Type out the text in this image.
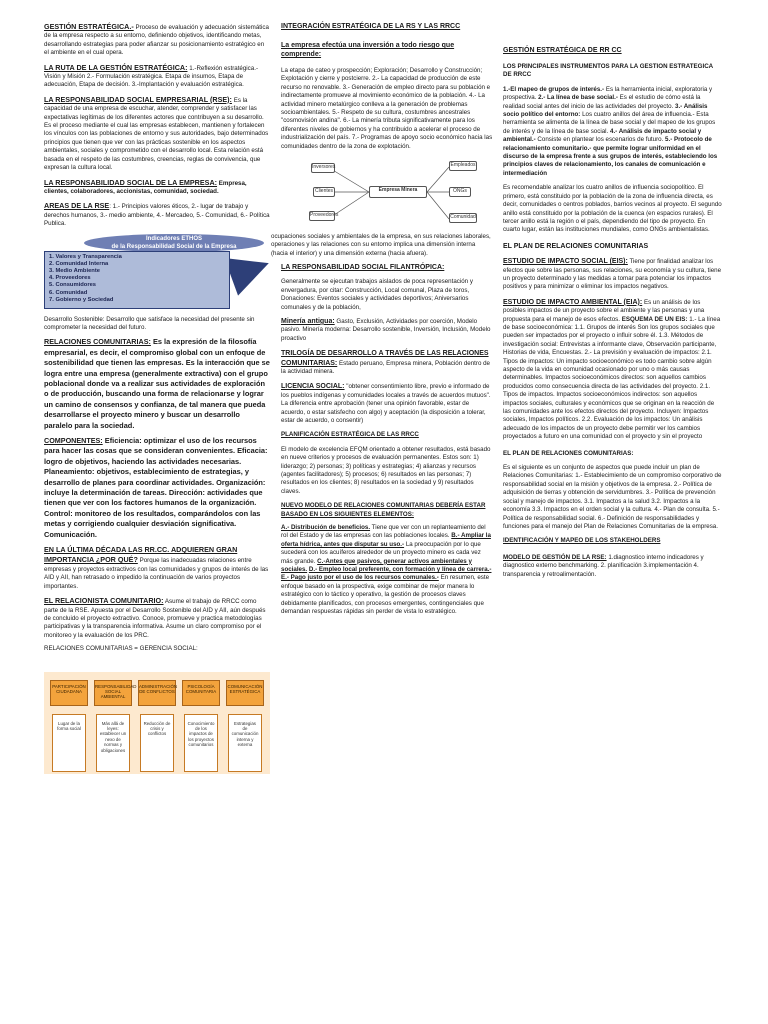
GESTIÓN ESTRATÉGICA.- Proceso de evaluación y adecuación sistemática de la empresa respecto a su entorno, definiendo objetivos, identificando metas, desarrollando estrategias para poder afianzar su posicionamiento estratégico en el ambiente en el cual opera.

LA RUTA DE LA GESTIÓN ESTRATÉGICA: 1.-Reflexión estratégica.- Visión y Misión 2.- Formulación estratégica. Etapa de insumos, Etapa de adecuación, Etapa de decisión. 3.-Implantación y evaluación estratégica.

LA RESPONSABILIDAD SOCIAL EMPRESARIAL (RSE): Es la capacidad de una empresa de escuchar, atender, comprender y satisfacer las expectativas legítimas de los diferentes actores que contribuyen a su desarrollo. Es el proceso mediante el cual las empresas establecen, mantienen y fortalecen los vínculos con las poblaciones de entorno y sus autoridades, bajo determinados principios que tienen que ver con las prácticas sostenible en los aspectos ambientales, sociales y comprometido con el desarrollo local. Esta relación está basada en el respeto de las costumbres, creencias, reglas de convivencia, que expresan la cultura local.

LA RESPONSABILIDAD SOCIAL DE LA EMPRESA: Empresa, clientes, colaboradores, accionistas, comunidad, sociedad.

AREAS DE LA RSE: 1.- Principios valores éticos, 2.- lugar de trabajo y derechos humanos, 3.- medio ambiente, 4.- Mercadeo, 5.- Comunidad, 6.- Política Publica.

Indicadores ETHOS
de la Responsabilidad Social de la Empresa
1. Valores y Transparencia
2. Comunidad Interna
3. Medio Ambiente
4. Proveedores
5. Consumidores
6. Comunidad
7. Gobierno y Sociedad

Desarrollo Sostenible: Desarrollo que satisface la necesidad del presente sin comprometer la necesidad del futuro.

RELACIONES COMUNITARIAS: Es la expresión de la filosofía empresarial, es decir, el compromiso global con un enfoque de sostenibilidad que tienen las empresas. Es la interacción que se logra entre una empresa (generalmente extractiva) con el grupo poblacional donde va a realizar sus actividades de exploración o de producción, buscando una forma de relacionarse y lograr un camino de consensos y confianza, de tal manera que pueda desarrollarse el proyecto minero y buscar un desarrollo paralelo para la sociedad.

COMPONENTES: Eficiencia: optimizar el uso de los recursos para hacer las cosas que se consideran convenientes. Eficacia: logro de objetivos, haciendo las actividades necesarias. Planeamiento: objetivos, establecimiento de estrategias, y desarrollo de planes para coordinar actividades. Organización: incluye la determinación de tareas. Dirección: actividades que tienen que ver con los factores humanos de la organización. Control: monitoreo de los resultados, comparándolos con las metas y corrigiendo cualquier desviación significativa. Comunicación.

EN LA ÚLTIMA DÉCADA LAS RR.CC. ADQUIEREN GRAN IMPORTANCIA ¿POR QUÉ? Porque las inadecuadas relaciones entre empresas y proyectos extractivos con las comunidades y grupos de interés de las AID y AII, han retrasado o impedido la continuación de varios proyectos importantes.

EL RELACIONISTA COMUNITARIO: Asume el trabajo de RRCC como parte de la RSE. Apuesta por el Desarrollo Sostenible del AID y AII, aún después de concluido el proyecto extractivo. Conoce, promueve y practica metodologías participativas y la transparencia informativa. Asume un claro compromiso por el monitoreo y la evaluación de los PRC.

RELACIONES COMUNITARIAS = GERENCIA SOCIAL:

PARTICIPACIÓN CIUDADANA
RESPONSABILIDAD SOCIAL AMBIENTAL
ADMINISTRACIÓN DE CONFLICTOS
PSICOLOGÍA COMUNITARIA
COMUNICACIÓN ESTRATÉGICA
Lugar de la forma social
Más allá de leyes: establecer un nexo de normas y obligaciones
Reducción de crisis y conflictos
Conocimiento de los impactos de los proyectos comunitarios
Estrategias de comunicación interna y externa

INTEGRACIÓN ESTRATÉGICA DE LA RS Y LAS RRCC

La empresa efectúa una inversión a todo riesgo que comprende:

La etapa de cateo y prospección; Exploración; Desarrollo y Construcción; Explotación y cierre y postcierre. 2.- La capacidad de producción de este recurso no renovable. 3.- Generación de empleo directo para su población e indirectamente promueve al movimiento económico de la población. 4.- La actividad minero metalúrgico conlleva a la generación de problemas socioambientales. 5.- Respeto de su cultura, costumbres ancestrales "cosmovisión andina". 6.- La minería tributa significativamente para los diferentes niveles de gobiernos y ha contribuido a acelerar el proceso de industrialización del país. 7.- Programas de apoyo socio económico hacia las comunidades dentro de la zona de explotación.

Inversores
Clientes
Proveedores
Empresa Minera
Empleados
ONGs
Comunidad

ocupaciones sociales y ambientales de la empresa, en sus relaciones laborales, operaciones y las relaciones con su entorno implica una dimensión interna (hacia el interior) y una dimensión externa (hacia afuera).

LA RESPONSABILIDAD SOCIAL FILANTRÓPICA:

Generalmente se ejecutan trabajos aislados de poca representación y envergadura, por citar: Construcción, Local comunal, Plaza de toros, Donaciones: Eventos sociales y actividades deportivos; Aniversarios comunales y de la población,

Minería antigua: Gasto, Exclusión, Actividades por coerción, Modelo pasivo. Minería moderna: Desarrollo sostenible, Inversión, Inclusión, Modelo proactivo

TRILOGÍA DE DESARROLLO A TRAVÉS DE LAS RELACIONES COMUNITARIAS: Estado peruano, Empresa minera, Población dentro de la actividad minera.

LICENCIA SOCIAL: "obtener consentimiento libre, previo e informado de los pueblos indígenas y comunidades locales a través de acuerdos mutuos". La diferencia entre aprobación (tener una opinión favorable, estar de acuerdo, o estar satisfecho con algo) y aceptación (la disposición a tolerar, estar de acuerdo, o consentir)

PLANIFICACIÓN ESTRATÉGICA DE LAS RRCC

El modelo de excelencia EFQM orientado a obtener resultados, está basado en nueve criterios y procesos de evaluación permanentes. Estos son: 1) liderazgo; 2) personas; 3) políticas y estrategias; 4) alianzas y recursos (agentes facilitadores); 5) procesos; 6) resultados en las personas; 7) resultados en los clientes; 8) resultados en la sociedad y 9) resultados claves.

NUEVO MODELO DE RELACIONES COMUNITARIAS DEBERÍA ESTAR BASADO EN LOS SIGUIENTES ELEMENTOS:

A.- Distribución de beneficios. Tiene que ver con un replanteamiento del rol del Estado y de las empresas con las poblaciones locales. B.- Ampliar la oferta hídrica, antes que disputar su uso.- La preocupación por lo que sucederá con los acuíferos alrededor de un proyecto minero es cada vez más grande. C.-Antes que pasivos, generar activos ambientales y sociales. D.- Empleo local preferente, con formación y línea de carrera.- E.- Pago justo por el uso de los recursos comunales.- En resumen, este enfoque basado en la prospectiva, exige combinar de mejor manera lo estratégico con lo táctico y operativo, la gestión de procesos claves debidamente planificados, con procesos emergentes, contingenciales que demandan respuestas rápidas sin perder de vista lo estratégico.

GESTIÓN ESTRATÉGICA DE RR CC

LOS PRINCIPALES INSTRUMENTOS PARA LA GESTION ESTRATEGICA DE RRCC

1.-El mapeo de grupos de interés.- Es la herramienta inicial, exploratoria y prospectiva. 2.- La línea de base social.- Es el estudio de cómo está la realidad social antes del inicio de las actividades del proyecto. 3.- Análisis socio político del entorno: Los cuatro anillos del área de influencia.- Esta herramienta se alimenta de la línea de base social y del mapeo de los grupos de interés y de la línea de base social. 4.- Análisis de impacto social y ambiental.- Consiste en plantear los escenarios de futuro. 5.- Protocolo de relacionamiento comunitario.- que permite lograr uniformidad en el discurso de la empresa frente a sus grupos de interés, estableciendo los principios claves de relacionamiento, los canales de comunicación e intermediación

Es recomendable analizar los cuatro anillos de influencia sociopolítico. El primero, está constituido por la población de la zona de influencia directa, es decir, comunidades o centros poblados, barrios vecinos al proyecto. El segundo anillo está constituido por la población de la cuenca (en espacios rurales). El tercer anillo está la región o el país, dependiendo del tipo de proyecto. En cuarto lugar, están las instituciones mundiales, como ONGs ambientalistas.

EL PLAN DE RELACIONES COMUNITARIAS

ESTUDIO DE IMPACTO SOCIAL (EIS): Tiene por finalidad analizar los efectos que sobre las personas, sus relaciones, su economía y su cultura, tiene un proyecto determinado y las medidas a tomar para potenciar los impactos positivos y para minimizar o eliminar los impactos negativos.

ESTUDIO DE IMPACTO AMBIENTAL (EIA): Es un análisis de los posibles impactos de un proyecto sobre el ambiente y las personas y una propuesta para el manejo de esos efectos. ESQUEMA DE UN EIS: 1.- La línea de base socioeconómica: 1.1. Grupos de interés Son los grupos sociales que pueden ser impactados por el proyecto o influir sobre él. 1.3. Métodos de investigación social: Entrevistas a informante clave, Observación participante, Historias de vida, Encuestas. 2.- La previsión y evaluación de impactos: 2.1. Tipos de impactos: Un impacto socioeconómico es todo cambio sobre algún aspecto de la vida en comunidad ocasionado por uno o más causas determinables. Impactos socioeconómicos directos: son aquellos cambios producidos como consecuencia directa de las actividades del proyecto. 2.1. Tipos de impactos. Impactos socioeconómicos indirectos: son aquellos impactos sociales, culturales y económicos que se originan en la reacción de las comunidades ante los efectos directos del proyecto. Incluyen: Impactos sociales, Impactos políticos. 2.2. Evaluación de los impactos: Un análisis adecuado de los impactos de un proyecto debe permitir ver los cambios proyectados a futuro en una comunidad con el proyecto y sin el proyecto

EL PLAN DE RELACIONES COMUNITARIAS:

Es el siguiente es un conjunto de aspectos que puede incluir un plan de Relaciones Comunitarias: 1.- Establecimiento de un compromiso corporativo de responsabilidad social en la misión y objetivos de la empresa. 2.- Política de adquisición de tierras y obtención de servidumbres. 3.- Política de prevención social y manejo de impactos. 3.1. Impactos a la salud 3.2. Impactos a la economía 3.3. Impactos en el orden social y la cultura. 4.- Plan de consulta. 5.- Política de responsabilidad social. 6.- Definición de responsabilidades y funciones para el manejo del Plan de Relaciones Comunitarias de la empresa.

IDENTIFICACIÓN Y MAPEO DE LOS STAKEHOLDERS

MODELO DE GESTIÓN DE LA RSE: 1.diagnostico interno indicadores y diagnostico externo benchmarking. 2. planificación 3.implementación 4. transparencia y retroalimentación.
